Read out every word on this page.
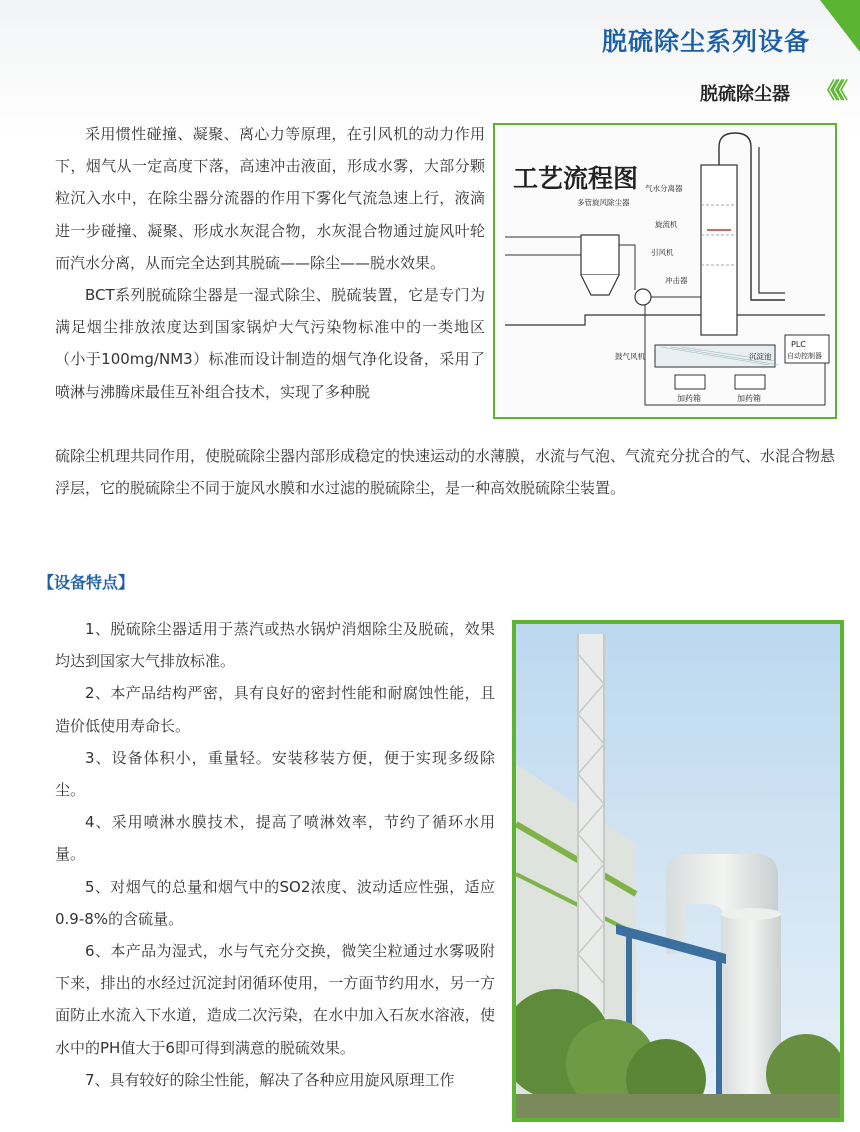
脱硫除尘系列设备
脱硫除尘器 《《《

采用惯性碰撞、凝聚、离心力等原理，在引风机的动力作用下，烟气从一定高度下落，高速冲击液面，形成水雾，大部分颗粒沉入水中，在除尘器分流器的作用下雾化气流急速上行，液滴进一步碰撞、凝聚、形成水灰混合物，水灰混合物通过旋风叶轮而汽水分离，从而完全达到其脱硫——除尘——脱水效果。
BCT系列脱硫除尘器是一湿式除尘、脱硫装置，它是专门为满足烟尘排放浓度达到国家锅炉大气污染物标准中的一类地区（小于100mg/NM3）标准而设计制造的烟气净化设备，采用了喷淋与沸腾床最佳互补组合技术，实现了多种脱

硫除尘机理共同作用，使脱硫除尘器内部形成稳定的快速运动的水薄膜，水流与气泡、气流充分扰合的气、水混合物悬浮层，它的脱硫除尘不同于旋风水膜和水过滤的脱硫除尘，是一种高效脱硫除尘装置。

工艺流程图
PLC
自动控制器
加药箱	加药箱
气水分离器
多管旋风除尘器
旋流机
引风机
冲击器
鼓气风机	沉淀池
【设备特点】
1、脱硫除尘器适用于蒸汽或热水锅炉消烟除尘及脱硫，效果均达到国家大气排放标准。
2、本产品结构严密，具有良好的密封性能和耐腐蚀性能，且造价低使用寿命长。
3、设备体积小，重量轻。安装移装方便，便于实现多级除尘。
4、采用喷淋水膜技术，提高了喷淋效率，节约了循环水用量。
5、对烟气的总量和烟气中的SO2浓度、波动适应性强，适应0.9-8%的含硫量。
6、本产品为湿式，水与气充分交换，微笑尘粒通过水雾吸附下来，排出的水经过沉淀封闭循环使用，一方面节约用水，另一方面防止水流入下水道，造成二次污染，在水中加入石灰水溶液，使水中的PH值大于6即可得到满意的脱硫效果。
7、具有较好的除尘性能，解决了各种应用旋风原理工作
